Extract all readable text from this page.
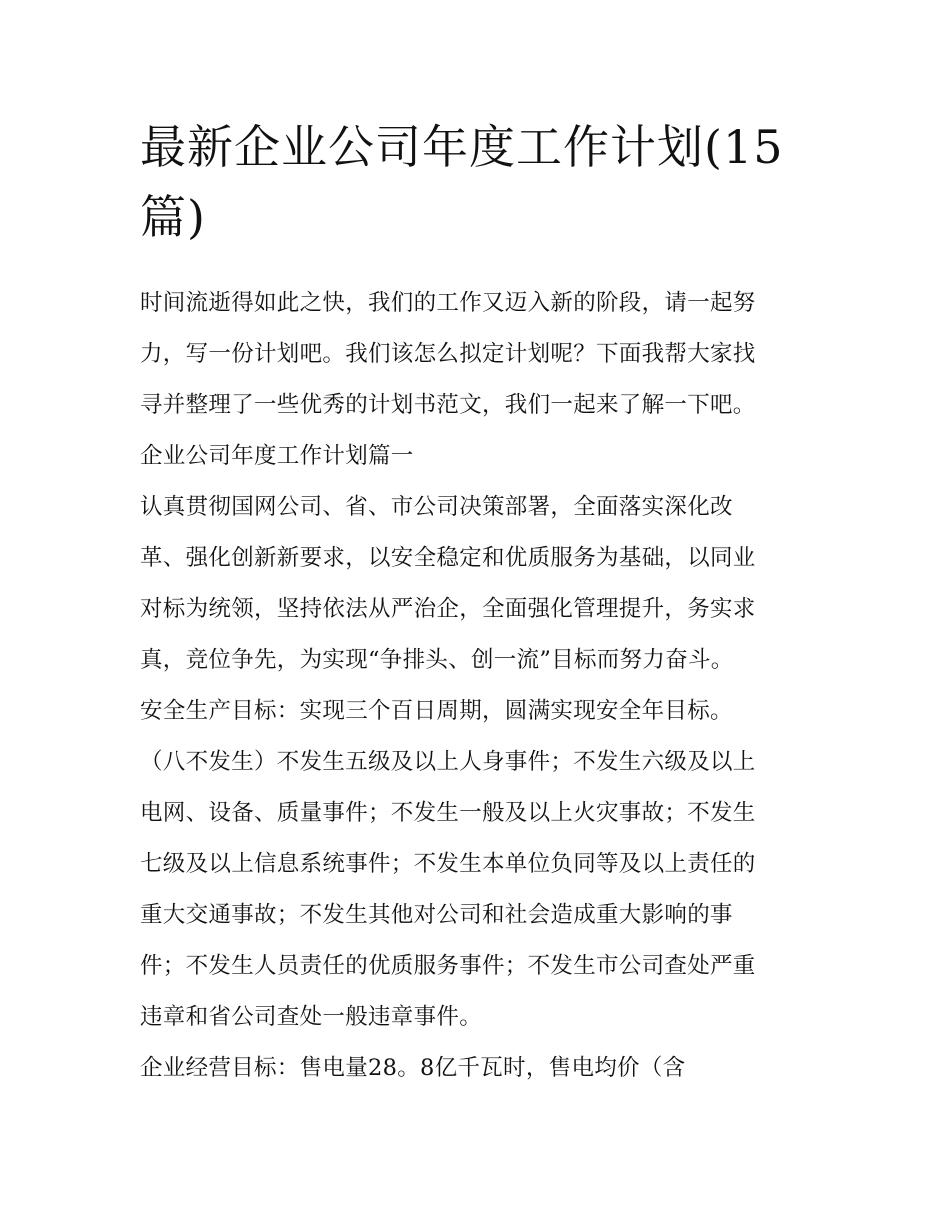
最新企业公司年度工作计划(15
篇)
时间流逝得如此之快，我们的工作又迈入新的阶段，请一起努
力，写一份计划吧。我们该怎么拟定计划呢？下面我帮大家找
寻并整理了一些优秀的计划书范文，我们一起来了解一下吧。
企业公司年度工作计划篇一
认真贯彻国网公司、省、市公司决策部署，全面落实深化改
革、强化创新新要求，以安全稳定和优质服务为基础，以同业
对标为统领，坚持依法从严治企，全面强化管理提升，务实求
真，竞位争先，为实现“争排头、创一流”目标而努力奋斗。
安全生产目标：实现三个百日周期，圆满实现安全年目标。
（八不发生）不发生五级及以上人身事件；不发生六级及以上
电网、设备、质量事件；不发生一般及以上火灾事故；不发生
七级及以上信息系统事件；不发生本单位负同等及以上责任的
重大交通事故；不发生其他对公司和社会造成重大影响的事
件；不发生人员责任的优质服务事件；不发生市公司查处严重
违章和省公司查处一般违章事件。
企业经营目标：售电量28。8亿千瓦时，售电均价（含
